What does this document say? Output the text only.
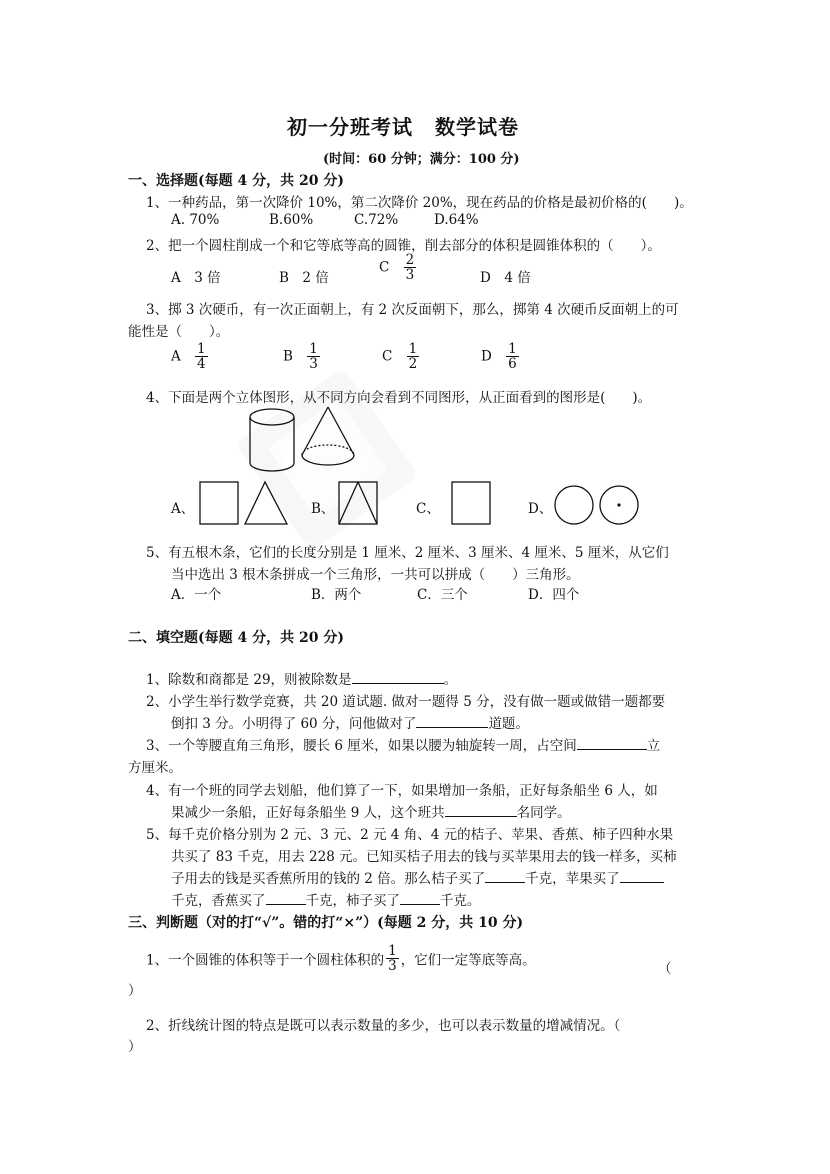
初一分班考试 数学试卷
(时间：60 分钟；满分：100 分)
一、选择题(每题 4 分，共 20 分)
1、一种药品，第一次降价 10%，第二次降价 20%，现在药品的价格是最初价格的(　　)。
A. 70%	B.60%	C.72%	D.64%
2、把一个圆柱削成一个和它等底等高的圆锥，削去部分的体积是圆锥体积的（　　）。
A　3 倍	B　2 倍
C $\frac{2}{3}$	D　4 倍
3、掷 3 次硬币，有一次正面朝上，有 2 次反面朝下，那么，掷第 4 次硬币反面朝上的可
能性是（　　）。
A $\frac{1}{4}$	B $\frac{1}{3}$	C $\frac{1}{2}$	D $\frac{1}{6}$
4、下面是两个立体图形，从不同方向会看到不同图形，从正面看到的图形是(　　)。
A、	B、	C、	D、
5、有五根木条，它们的长度分别是 1 厘米、2 厘米、3 厘米、4 厘米、5 厘米，从它们
当中选出 3 根木条拼成一个三角形，一共可以拼成（　　）三角形。
A．一个	B．两个	C．三个	D．四个
二、填空题(每题 4 分，共 20 分)
1、除数和商都是 29，则被除数是	。
2、小学生举行数学竞赛，共 20 道试题. 做对一题得 5 分，没有做一题或做错一题都要
倒扣 3 分。小明得了 60 分，问他做对了	道题。
3、一个等腰直角三角形，腰长 6 厘米，如果以腰为轴旋转一周，占空间	立
方厘米。
4、有一个班的同学去划船，他们算了一下，如果增加一条船，正好每条船坐 6 人，如
果减少一条船，正好每条船坐 9 人，这个班共	名同学。
5、每千克价格分别为 2 元、3 元、2 元 4 角、4 元的桔子、苹果、香蕉、柿子四种水果
共买了 83 千克，用去 228 元。已知买桔子用去的钱与买苹果用去的钱一样多，买柿
子用去的钱是买香蕉所用的钱的 2 倍。那么桔子买了	千克，苹果买了
千克，香蕉买了	千克，柿子买了	千克。
三、判断题（对的打“√”。错的打“×”）(每题 2 分，共 10 分)
1、一个圆锥的体积等于一个圆柱体积的 $\frac{1}{3}$ ，它们一定等底等高。
（
）
2、折线统计图的特点是既可以表示数量的多少，也可以表示数量的增减情况。（
）
